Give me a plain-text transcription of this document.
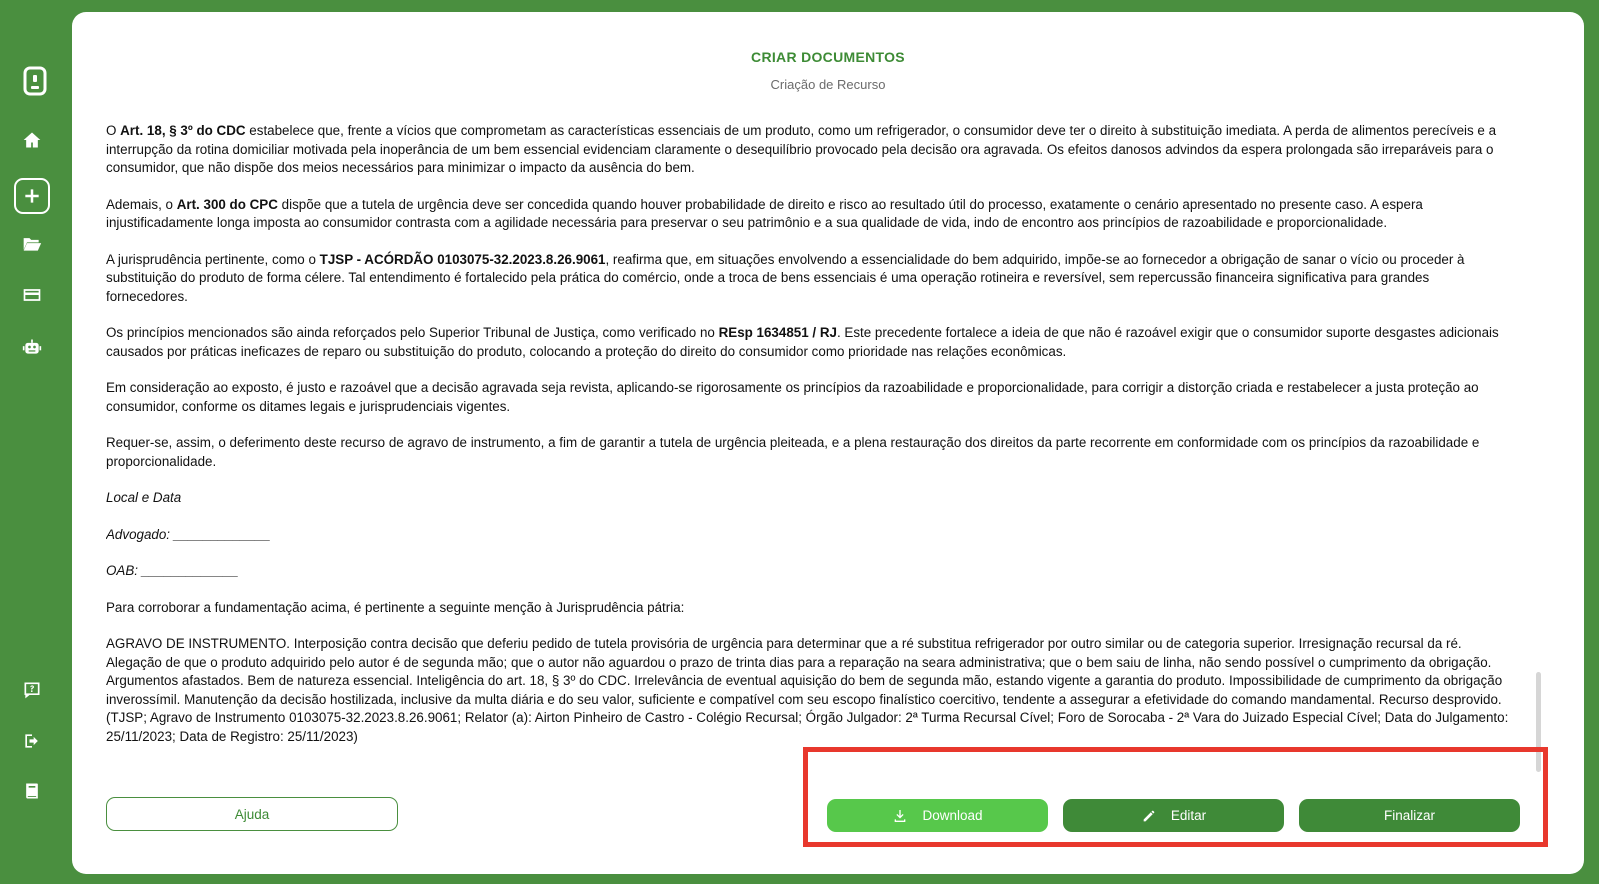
CRIAR DOCUMENTOS
Criação de Recurso

O Art. 18, § 3º do CDC estabelece que, frente a vícios que comprometam as características essenciais de um produto, como um refrigerador, o consumidor deve ter o direito à substituição imediata. A perda de alimentos perecíveis e a interrupção da rotina domiciliar motivada pela inoperância de um bem essencial evidenciam claramente o desequilíbrio provocado pela decisão ora agravada. Os efeitos danosos advindos da espera prolongada são irreparáveis para o consumidor, que não dispõe dos meios necessários para minimizar o impacto da ausência do bem.

Ademais, o Art. 300 do CPC dispõe que a tutela de urgência deve ser concedida quando houver probabilidade de direito e risco ao resultado útil do processo, exatamente o cenário apresentado no presente caso. A espera injustificadamente longa imposta ao consumidor contrasta com a agilidade necessária para preservar o seu patrimônio e a sua qualidade de vida, indo de encontro aos princípios de razoabilidade e proporcionalidade.

A jurisprudência pertinente, como o TJSP - ACÓRDÃO 0103075-32.2023.8.26.9061, reafirma que, em situações envolvendo a essencialidade do bem adquirido, impõe-se ao fornecedor a obrigação de sanar o vício ou proceder à substituição do produto de forma célere. Tal entendimento é fortalecido pela prática do comércio, onde a troca de bens essenciais é uma operação rotineira e reversível, sem repercussão financeira significativa para grandes fornecedores.

Os princípios mencionados são ainda reforçados pelo Superior Tribunal de Justiça, como verificado no REsp 1634851 / RJ. Este precedente fortalece a ideia de que não é razoável exigir que o consumidor suporte desgastes adicionais causados por práticas ineficazes de reparo ou substituição do produto, colocando a proteção do direito do consumidor como prioridade nas relações econômicas.

Em consideração ao exposto, é justo e razoável que a decisão agravada seja revista, aplicando-se rigorosamente os princípios da razoabilidade e proporcionalidade, para corrigir a distorção criada e restabelecer a justa proteção ao consumidor, conforme os ditames legais e jurisprudenciais vigentes.

Requer-se, assim, o deferimento deste recurso de agravo de instrumento, a fim de garantir a tutela de urgência pleiteada, e a plena restauração dos direitos da parte recorrente em conformidade com os princípios da razoabilidade e proporcionalidade.

Local e Data

Advogado: _____________

OAB: _____________

Para corroborar a fundamentação acima, é pertinente a seguinte menção à Jurisprudência pátria:

AGRAVO DE INSTRUMENTO. Interposição contra decisão que deferiu pedido de tutela provisória de urgência para determinar que a ré substitua refrigerador por outro similar ou de categoria superior. Irresignação recursal da ré. Alegação de que o produto adquirido pelo autor é de segunda mão; que o autor não aguardou o prazo de trinta dias para a reparação na seara administrativa; que o bem saiu de linha, não sendo possível o cumprimento da obrigação. Argumentos afastados. Bem de natureza essencial. Inteligência do art. 18, § 3º do CDC. Irrelevância de eventual aquisição do bem de segunda mão, estando vigente a garantia do produto. Impossibilidade de cumprimento da obrigação inverossímil. Manutenção da decisão hostilizada, inclusive da multa diária e do seu valor, suficiente e compatível com seu escopo finalístico coercitivo, tendente a assegurar a efetividade do comando mandamental. Recurso desprovido. (TJSP; Agravo de Instrumento 0103075-32.2023.8.26.9061; Relator (a): Airton Pinheiro de Castro - Colégio Recursal; Órgão Julgador: 2ª Turma Recursal Cível; Foro de Sorocaba - 2ª Vara do Juizado Especial Cível; Data do Julgamento: 25/11/2023; Data de Registro: 25/11/2023)

Ajuda	Download	Editar	Finalizar
